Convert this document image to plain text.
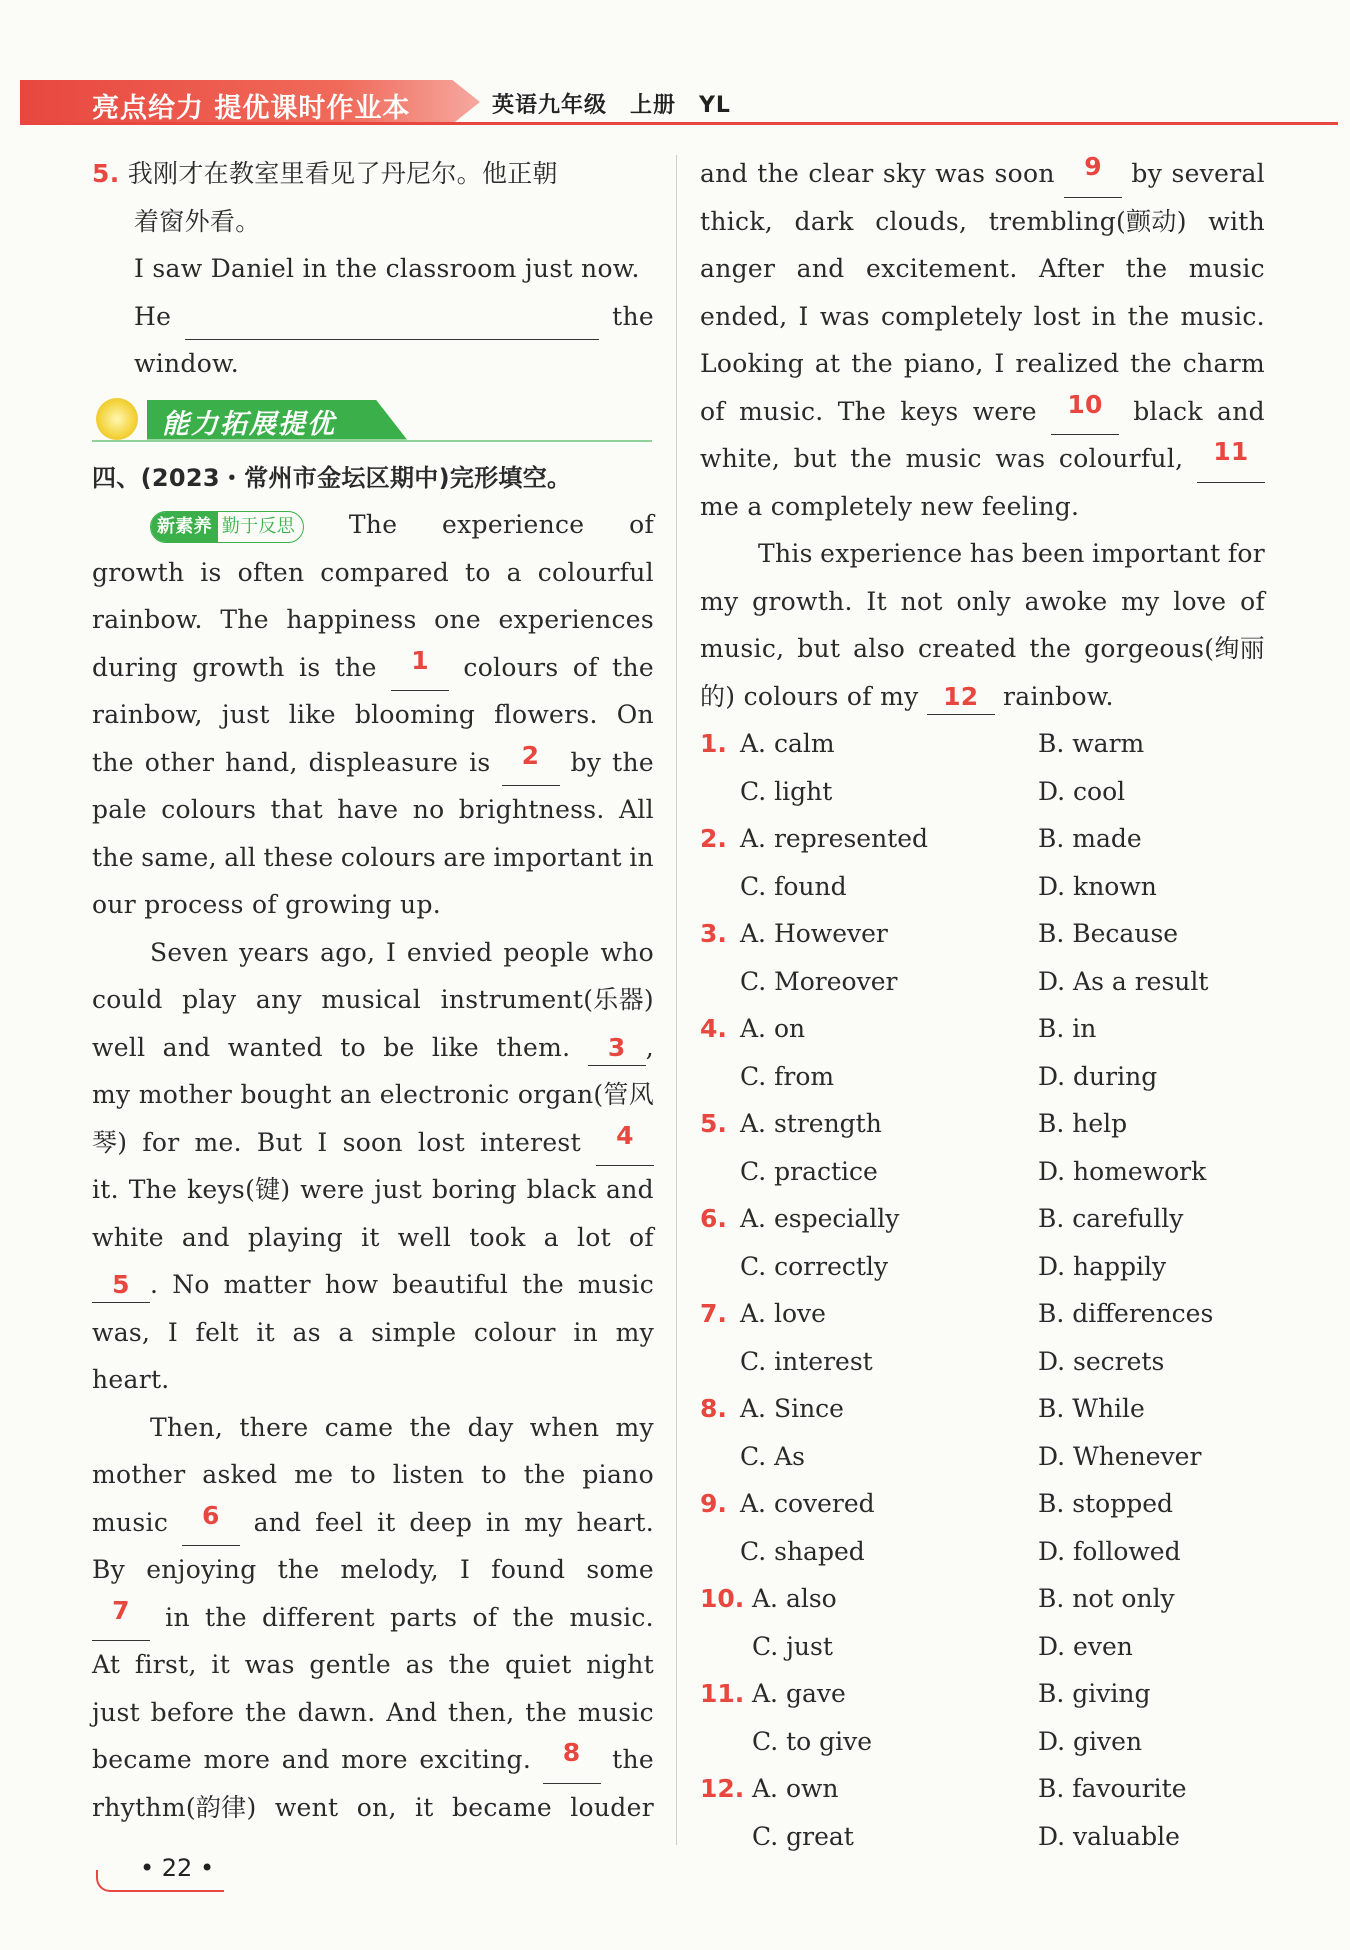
亮点给力 提优课时作业本	英语九年级　上册　YL
5. 我刚才在教室里看见了丹尼尔。他正朝
着窗外看。
I saw Daniel in the classroom just now.
He	the
window.
能力拓展提优
四、(2023・常州市金坛区期中)完形填空。
新素养 勤于反思	The experience of
growth is often compared to a colourful
rainbow. The happiness one experiences
during growth is the	1	colours of the
rainbow, just like blooming flowers. On
the other hand, displeasure is	2	by the
pale colours that have no brightness. All
the same, all these colours are important in
our process of growing up.
Seven years ago, I envied people who
could play any musical instrument(乐器)
well and wanted to be like them.	3 ,
my mother bought an electronic organ(管风
琴) for me. But I soon lost interest	4
it. The keys(键) were just boring black and
white and playing it well took a lot of
5 . No matter how beautiful the music
was, I felt it as a simple colour in my
heart.
Then, there came the day when my
mother asked me to listen to the piano
music	6	and feel it deep in my heart.
By enjoying the melody, I found some
7	in the different parts of the music.
At first, it was gentle as the quiet night
just before the dawn. And then, the music
became more and more exciting.	8	the
rhythm(韵律) went on, it became louder
and the clear sky was soon	9	by several
thick, dark clouds, trembling(颤动) with
anger and excitement. After the music
ended, I was completely lost in the music.
Looking at the piano, I realized the charm
of music. The keys were	10	black and
white, but the music was colourful,	11
me a completely new feeling.
This experience has been important for
my growth. It not only awoke my love of
music, but also created the gorgeous(绚丽
的) colours of my 12 rainbow.
1. A. calm	B. warm
C. light	D. cool
2. A. represented	B. made
C. found	D. known
3. A. However	B. Because
C. Moreover	D. As a result
4. A. on	B. in
C. from	D. during
5. A. strength	B. help
C. practice	D. homework
6. A. especially	B. carefully
C. correctly	D. happily
7. A. love	B. differences
C. interest	D. secrets
8. A. Since	B. While
C. As	D. Whenever
9. A. covered	B. stopped
C. shaped	D. followed
10. A. also	B. not only
C. just	D. even
11. A. gave	B. giving
C. to give	D. given
12. A. own	B. favourite
C. great	D. valuable
• 22 •
